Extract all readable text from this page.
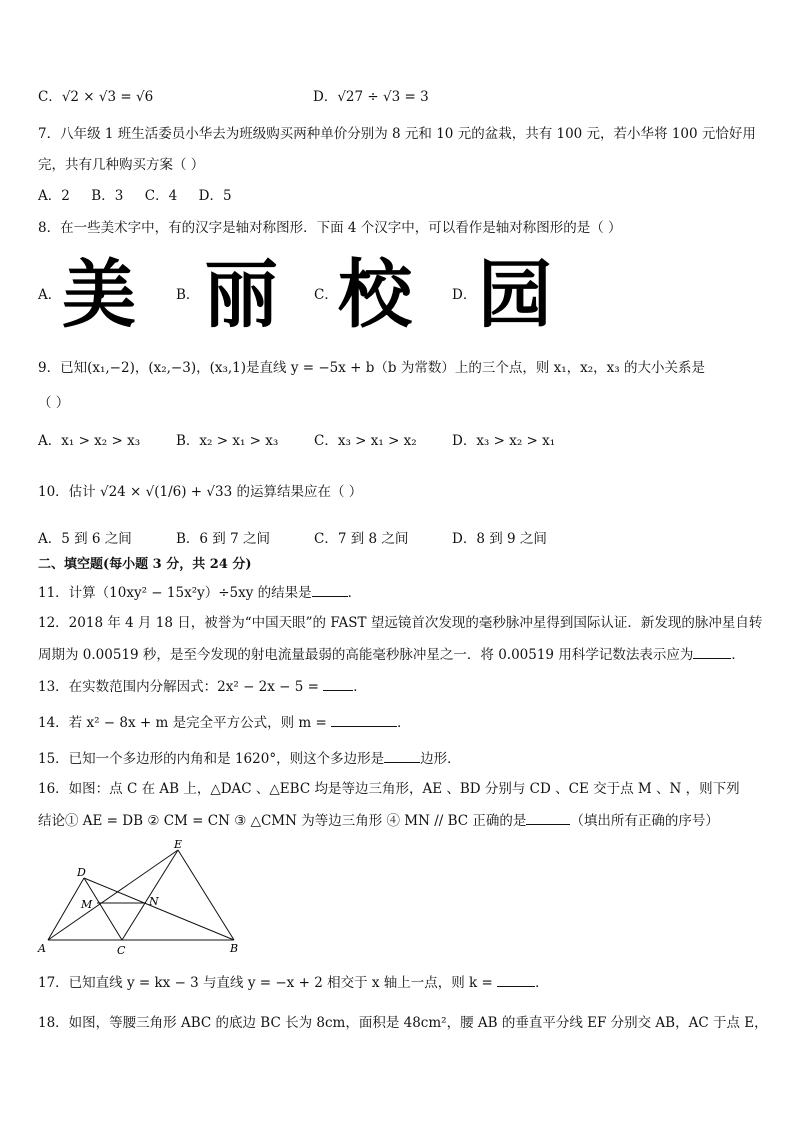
C．√2 × √3 = √6	D．√27 ÷ √3 = 3
7．八年级 1 班生活委员小华去为班级购买两种单价分别为 8 元和 10 元的盆栽，共有 100 元，若小华将 100 元恰好用
完，共有几种购买方案（ ）
A．2     B．3     C．4     D．5
8．在一些美术字中，有的汉字是轴对称图形．下面 4 个汉字中，可以看作是轴对称图形的是（ ）
A． 美	B． 丽	C． 校	D． 园
9．已知(x₁,−2)，(x₂,−3)，(x₃,1)是直线 y = −5x + b（b 为常数）上的三个点，则 x₁，x₂，x₃ 的大小关系是
（ ）
A．x₁ > x₂ > x₃	B．x₂ > x₁ > x₃	C．x₃ > x₁ > x₂	D．x₃ > x₂ > x₁
10．估计 √24 × √(1/6) + √33 的运算结果应在（ ）
A．5 到 6 之间	B．6 到 7 之间	C．7 到 8 之间	D．8 到 9 之间
二、填空题(每小题 3 分，共 24 分)
11．计算（10xy² − 15x²y）÷5xy 的结果是	．
12．2018 年 4 月 18 日，被誉为“中国天眼”的 FAST 望远镜首次发现的毫秒脉冲星得到国际认证．新发现的脉冲星自转
周期为 0.00519 秒，是至今发现的射电流量最弱的高能毫秒脉冲星之一．将 0.00519 用科学记数法表示应为	．
13．在实数范围内分解因式：2x² − 2x − 5 =	．
14．若 x² − 8x + m 是完全平方公式，则 m =	．
15．已知一个多边形的内角和是 1620°，则这个多边形是	边形．
16．如图：点 C 在 AB 上，△DAC 、△EBC 均是等边三角形，AE 、BD 分别与 CD 、CE 交于点 M 、N ，则下列
结论① AE = DB ② CM = CN ③ △CMN 为等边三角形 ④ MN // BC 正确的是	（填出所有正确的序号）
A	B
C
D
E
M	N
17．已知直线 y = kx − 3 与直线 y = −x + 2 相交于 x 轴上一点，则 k =	．
18．如图，等腰三角形 ABC 的底边 BC 长为 8cm，面积是 48cm²，腰 AB 的垂直平分线 EF 分别交 AB，AC 于点 E，
